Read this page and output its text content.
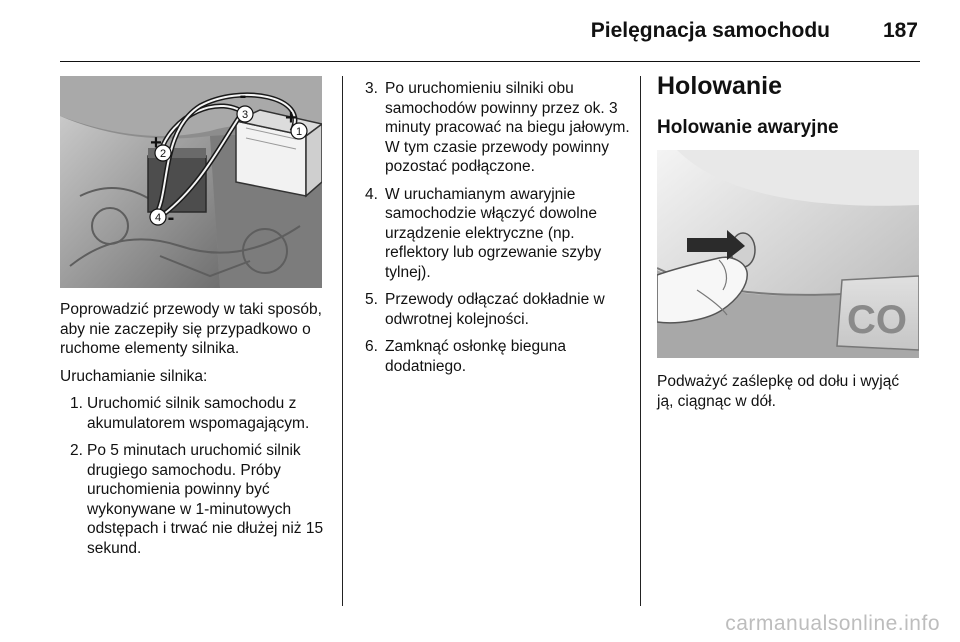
Pielęgnacja samochodu	187
1
2
3
4
+
+
-
-

Poprowadzić przewody w taki sposób, aby nie zaczepiły się przypadkowo o ruchome elementy silnika.

Uruchamianie silnika:

1. Uruchomić silnik samochodu z akumulatorem wspomagającym.
2. Po 5 minutach uruchomić silnik drugiego samochodu. Próby uruchomienia powinny być wykonywane w 1-minutowych odstępach i trwać nie dłużej niż 15 sekund.
3. Po uruchomieniu silniki obu samochodów powinny przez ok. 3 minuty pracować na biegu jałowym. W tym czasie przewody powinny pozostać podłączone.
4. W uruchamianym awaryjnie samochodzie włączyć dowolne urządzenie elektryczne (np. reflektory lub ogrzewanie szyby tylnej).
5. Przewody odłączać dokładnie w odwrotnej kolejności.
6. Zamknąć osłonkę bieguna dodatniego.
Holowanie
Holowanie awaryjne
CO

Podważyć zaślepkę od dołu i wyjąć ją, ciągnąc w dół.

carmanualsonline.info
